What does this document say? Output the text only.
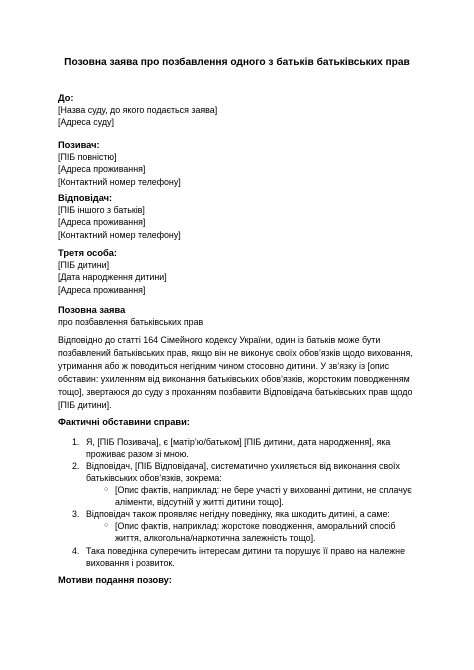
Позовна заява про позбавлення одного з батьків батьківських прав
До:
[Назва суду, до якого подається заява]
[Адреса суду]
Позивач:
[ПІБ повністю]
[Адреса проживання]
[Контактний номер телефону]
Відповідач:
[ПІБ іншого з батьків]
[Адреса проживання]
[Контактний номер телефону]
Третя особа:
[ПІБ дитини]
[Дата народження дитини]
[Адреса проживання]
Позовна заява
про позбавлення батьківських прав
Відповідно до статті 164 Сімейного кодексу України, один із батьків може бути
позбавлений батьківських прав, якщо він не виконує своїх обов’язків щодо виховання,
утримання або ж поводиться негідним чином стосовно дитини. У зв’язку із [опис
обставин: ухиленням від виконання батьківських обов’язків, жорстоким поводженням
тощо], звертаюся до суду з проханням позбавити Відповідача батьківських прав щодо
[ПІБ дитини].
Фактичні обставини справи:
1. Я, [ПІБ Позивача], є [матір’ю/батьком] [ПІБ дитини, дата народження], яка
проживає разом зі мною.
2. Відповідач, [ПІБ Відповідача], систематично ухиляється від виконання своїх
батьківських обов’язків, зокрема:
○ [Опис фактів, наприклад: не бере участі у вихованні дитини, не сплачує
аліменти, відсутній у житті дитини тощо].
3. Відповідач також проявляє негідну поведінку, яка шкодить дитині, а саме:
○ [Опис фактів, наприклад: жорстоке поводження, аморальний спосіб
життя, алкогольна/наркотична залежність тощо].
4. Така поведінка суперечить інтересам дитини та порушує її право на належне
виховання і розвиток.
Мотиви подання позову:
